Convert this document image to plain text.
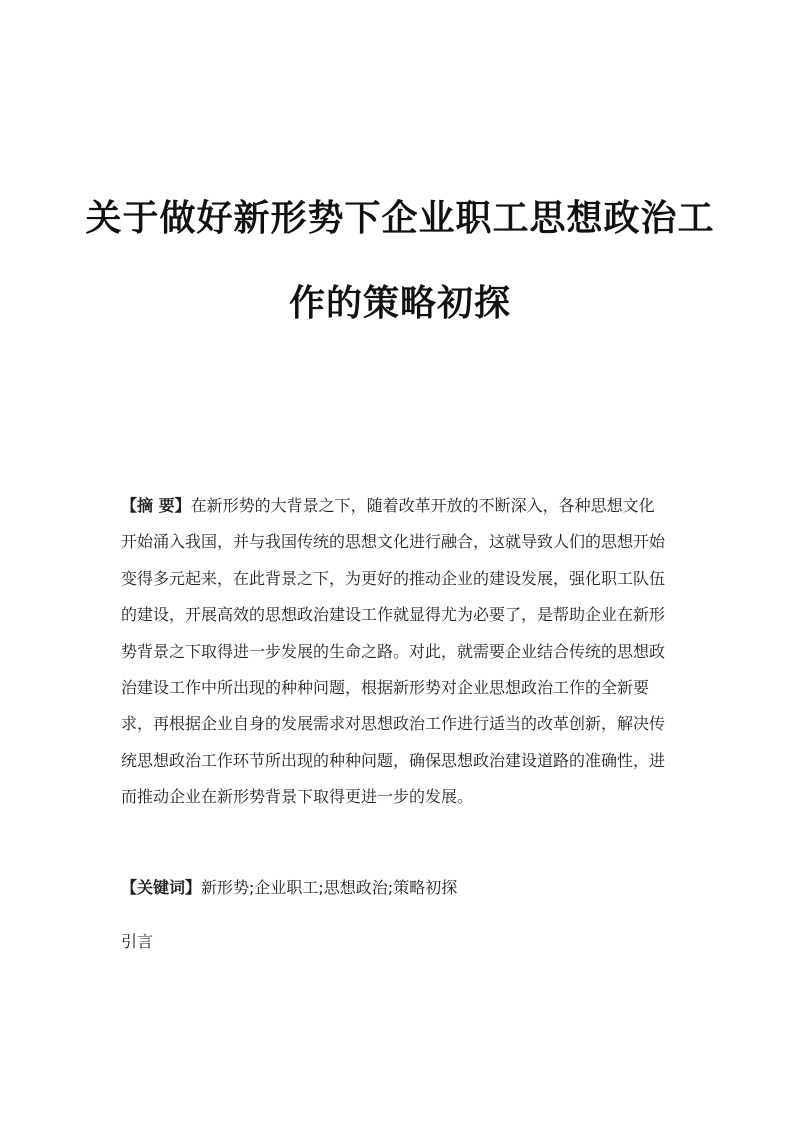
关于做好新形势下企业职工思想政治工
作的策略初探
【摘 要】在新形势的大背景之下，随着改革开放的不断深入，各种思想文化
开始涌入我国，并与我国传统的思想文化进行融合，这就导致人们的思想开始
变得多元起来，在此背景之下，为更好的推动企业的建设发展，强化职工队伍
的建设，开展高效的思想政治建设工作就显得尤为必要了，是帮助企业在新形
势背景之下取得进一步发展的生命之路。对此，就需要企业结合传统的思想政
治建设工作中所出现的种种问题，根据新形势对企业思想政治工作的全新要
求，再根据企业自身的发展需求对思想政治工作进行适当的改革创新，解决传
统思想政治工作环节所出现的种种问题，确保思想政治建设道路的准确性，进
而推动企业在新形势背景下取得更进一步的发展。
【关键词】新形势;企业职工;思想政治;策略初探
引言
